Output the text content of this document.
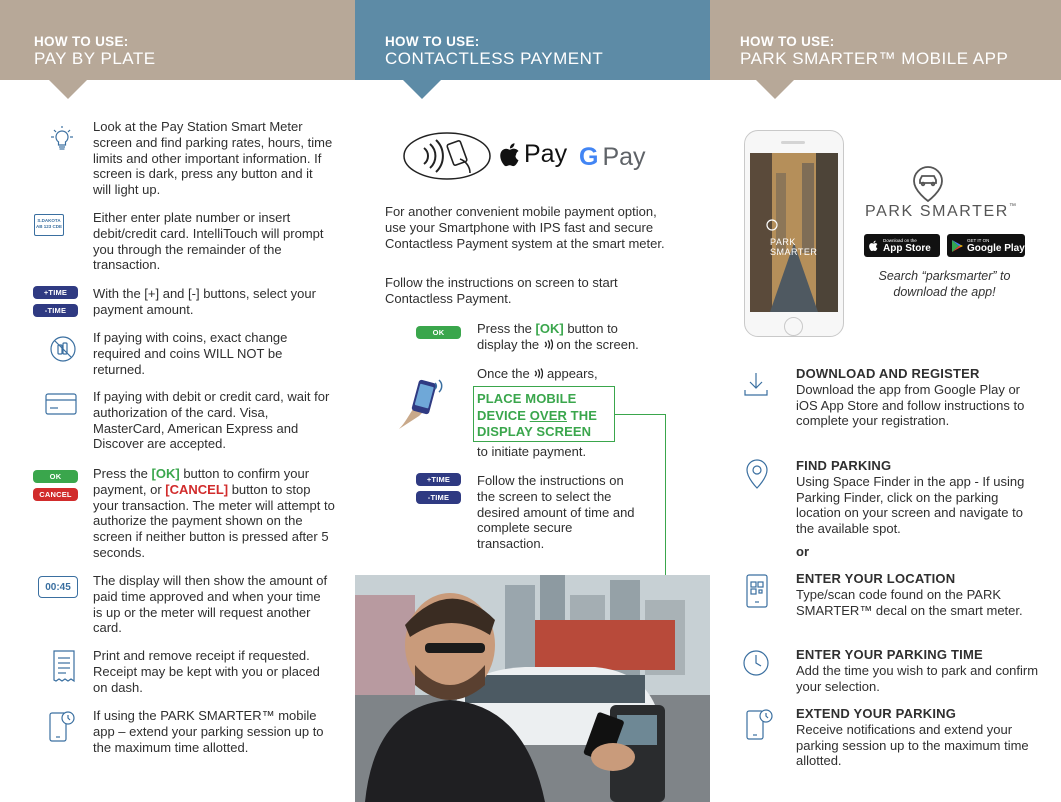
HOW TO USE:
PAY BY PLATE
Look at the Pay Station Smart Meter screen and find parking rates, hours, time limits and other important information. If screen is dark, press any button and it will light up.
S.DAKOTA
AB 123 CDE
Either enter plate number or insert debit/credit card. IntelliTouch will prompt you through the remainder of the transaction.
+TIME
-TIME
With the [+] and [-] buttons, select your payment amount.
If paying with coins, exact change required and coins WILL NOT be returned.
If paying with debit or credit card, wait for authorization of the card. Visa, MasterCard, American Express and Discover are accepted.
OK
CANCEL
Press the [OK] button to confirm your payment, or [CANCEL] button to stop your transaction. The meter will attempt to authorize the payment shown on the screen if neither button is pressed after 5 seconds.
00:45	The display will then show the amount of paid time approved and when your time is up or the meter will request another card.
Print and remove receipt if requested. Receipt may be kept with you or placed on dash.
If using the PARK SMARTER™ mobile app – extend your parking session up to the maximum time allotted.
HOW TO USE:
CONTACTLESS PAYMENT
Pay G Pay
For another convenient mobile payment option, use your Smartphone with IPS fast and secure Contactless Payment system at the smart meter.
Follow the instructions on screen to start Contactless Payment.
OK	Press the [OK] button to display the  on the screen.
Once the  appears,
to initiate payment.
+TIME
-TIME
Follow the instructions on the screen to select the desired amount of time and complete secure transaction.
PLACE MOBILE
DEVICE OVER THE
DISPLAY SCREEN
HOW TO USE:
PARK SMARTER™ MOBILE APP
PARK SMARTER
PARK SMARTER™
Download on the
App Store
GET IT ON
Google Play
Search “parksmarter” to
download the app!
DOWNLOAD AND REGISTER
Download the app from Google Play or iOS App Store and follow instructions to complete your registration.
FIND PARKING
Using Space Finder in the app - If using Parking Finder, click on the parking location on your screen and navigate to the available spot.
or
ENTER YOUR LOCATION
Type/scan code found on the PARK SMARTER™ decal on the smart meter.
ENTER YOUR PARKING TIME
Add the time you wish to park and confirm your selection.
EXTEND YOUR PARKING
Receive notifications and extend your parking session up to the maximum time allotted.
